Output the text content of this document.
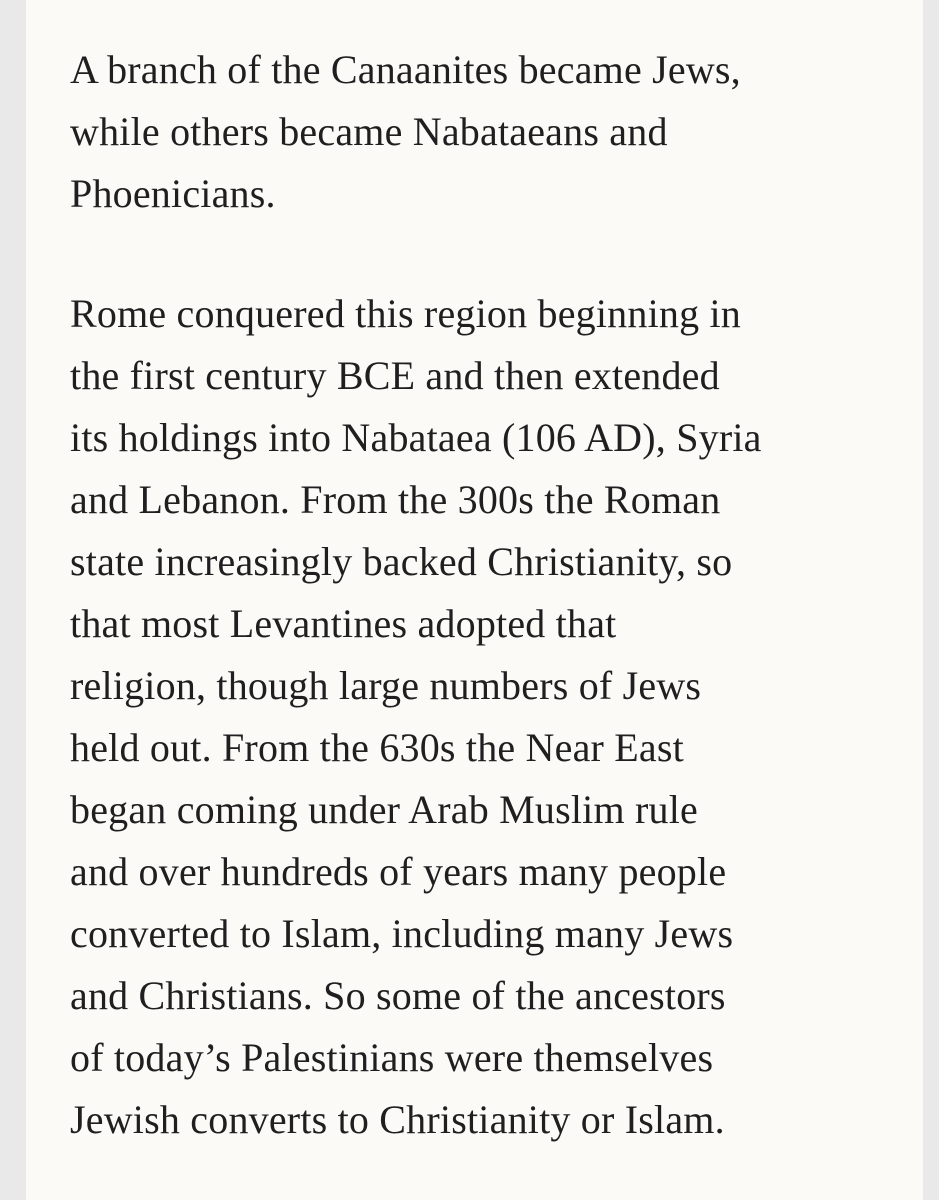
A branch of the Canaanites became Jews,
while others became Nabataeans and
Phoenicians.

Rome conquered this region beginning in
the first century BCE and then extended
its holdings into Nabataea (106 AD), Syria
and Lebanon. From the 300s the Roman
state increasingly backed Christianity, so
that most Levantines adopted that
religion, though large numbers of Jews
held out. From the 630s the Near East
began coming under Arab Muslim rule
and over hundreds of years many people
converted to Islam, including many Jews
and Christians. So some of the ancestors
of today’s Palestinians were themselves
Jewish converts to Christianity or Islam.
